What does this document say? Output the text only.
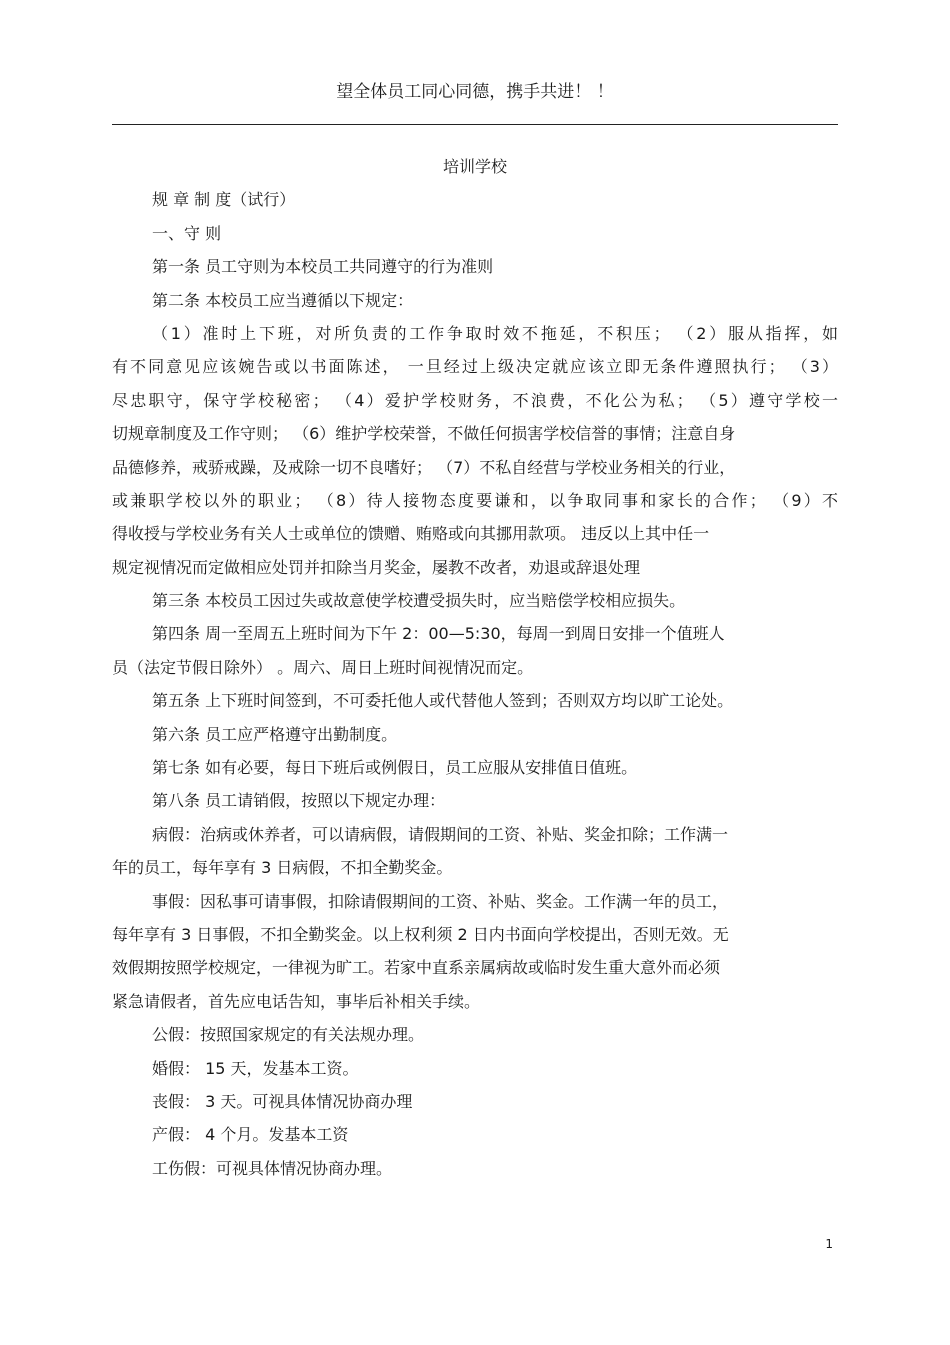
望全体员工同心同德，携手共进！ ！
培训学校
规 章 制 度（试行）
一、守 则
第一条 员工守则为本校员工共同遵守的行为准则
第二条 本校员工应当遵循以下规定：
（1）准时上下班，对所负责的工作争取时效不拖延，不积压； （2）服从指挥，如
有不同意见应该婉告或以书面陈述， 一旦经过上级决定就应该立即无条件遵照执行； （3）
尽忠职守，保守学校秘密； （4）爱护学校财务，不浪费，不化公为私； （5）遵守学校一
切规章制度及工作守则； （6）维护学校荣誉，不做任何损害学校信誉的事情；注意自身
品德修养，戒骄戒躁，及戒除一切不良嗜好； （7）不私自经营与学校业务相关的行业，
或兼职学校以外的职业； （8）待人接物态度要谦和，以争取同事和家长的合作； （9）不
得收授与学校业务有关人士或单位的馈赠、贿赂或向其挪用款项。 违反以上其中任一
规定视情况而定做相应处罚并扣除当月奖金，屡教不改者，劝退或辞退处理
第三条 本校员工因过失或故意使学校遭受损失时，应当赔偿学校相应损失。
第四条 周一至周五上班时间为下午 2：00—5:30，每周一到周日安排一个值班人
员（法定节假日除外） 。周六、周日上班时间视情况而定。
第五条 上下班时间签到，不可委托他人或代替他人签到；否则双方均以旷工论处。
第六条 员工应严格遵守出勤制度。
第七条 如有必要，每日下班后或例假日，员工应服从安排值日值班。
第八条 员工请销假，按照以下规定办理：
病假：治病或休养者，可以请病假，请假期间的工资、补贴、奖金扣除；工作满一
年的员工，每年享有 3 日病假，不扣全勤奖金。
事假：因私事可请事假，扣除请假期间的工资、补贴、奖金。工作满一年的员工，
每年享有 3 日事假，不扣全勤奖金。以上权利须 2 日内书面向学校提出，否则无效。无
效假期按照学校规定，一律视为旷工。若家中直系亲属病故或临时发生重大意外而必须
紧急请假者，首先应电话告知，事毕后补相关手续。
公假：按照国家规定的有关法规办理。
婚假： 15 天，发基本工资。
丧假： 3 天。可视具体情况协商办理
产假： 4 个月。发基本工资
工伤假：可视具体情况协商办理。
1
